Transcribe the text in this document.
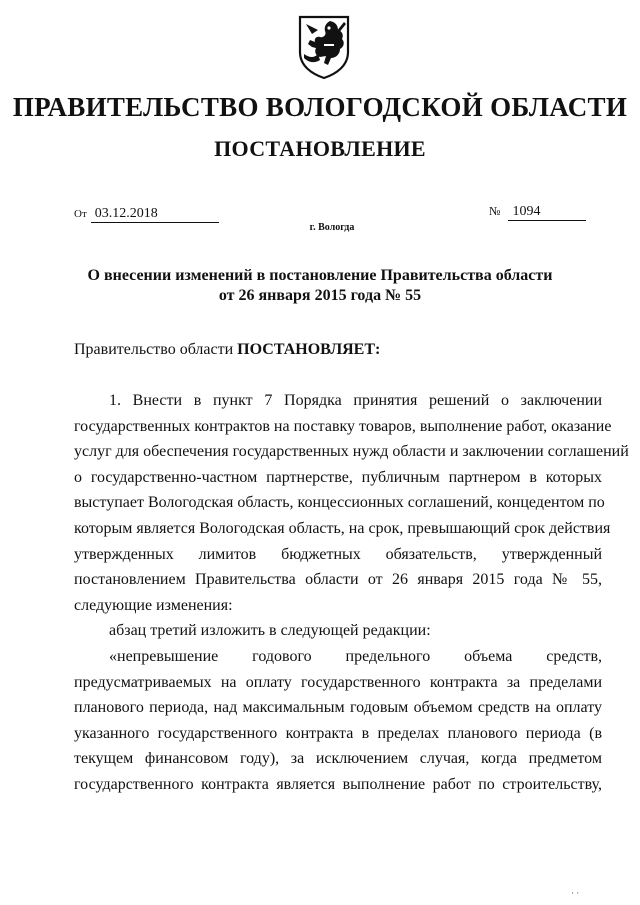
ПРАВИТЕЛЬСТВО ВОЛОГОДСКОЙ ОБЛАСТИ
ПОСТАНОВЛЕНИЕ
От 03.12.2018	№ 1094
г. Вологда
О внесении изменений в постановление Правительства области
от 26 января 2015 года № 55
Правительство области ПОСТАНОВЛЯЕТ:
1. Внести в пункт 7 Порядка принятия решений о заключении
государственных контрактов на поставку товаров, выполнение работ, оказание
услуг для обеспечения государственных нужд области и заключении соглашений
о государственно-частном партнерстве, публичным партнером в которых
выступает Вологодская область, концессионных соглашений, концедентом по
которым является Вологодская область, на срок, превышающий срок действия
утвержденных лимитов бюджетных обязательств, утвержденный
постановлением Правительства области от 26 января 2015 года № 55,
следующие изменения:
абзац третий изложить в следующей редакции:
«непревышение годового предельного объема средств,
предусматриваемых на оплату государственного контракта за пределами
планового периода, над максимальным годовым объемом средств на оплату
указанного государственного контракта в пределах планового периода (в
текущем финансовом году), за исключением случая, когда предметом
государственного контракта является выполнение работ по строительству,
· ·
